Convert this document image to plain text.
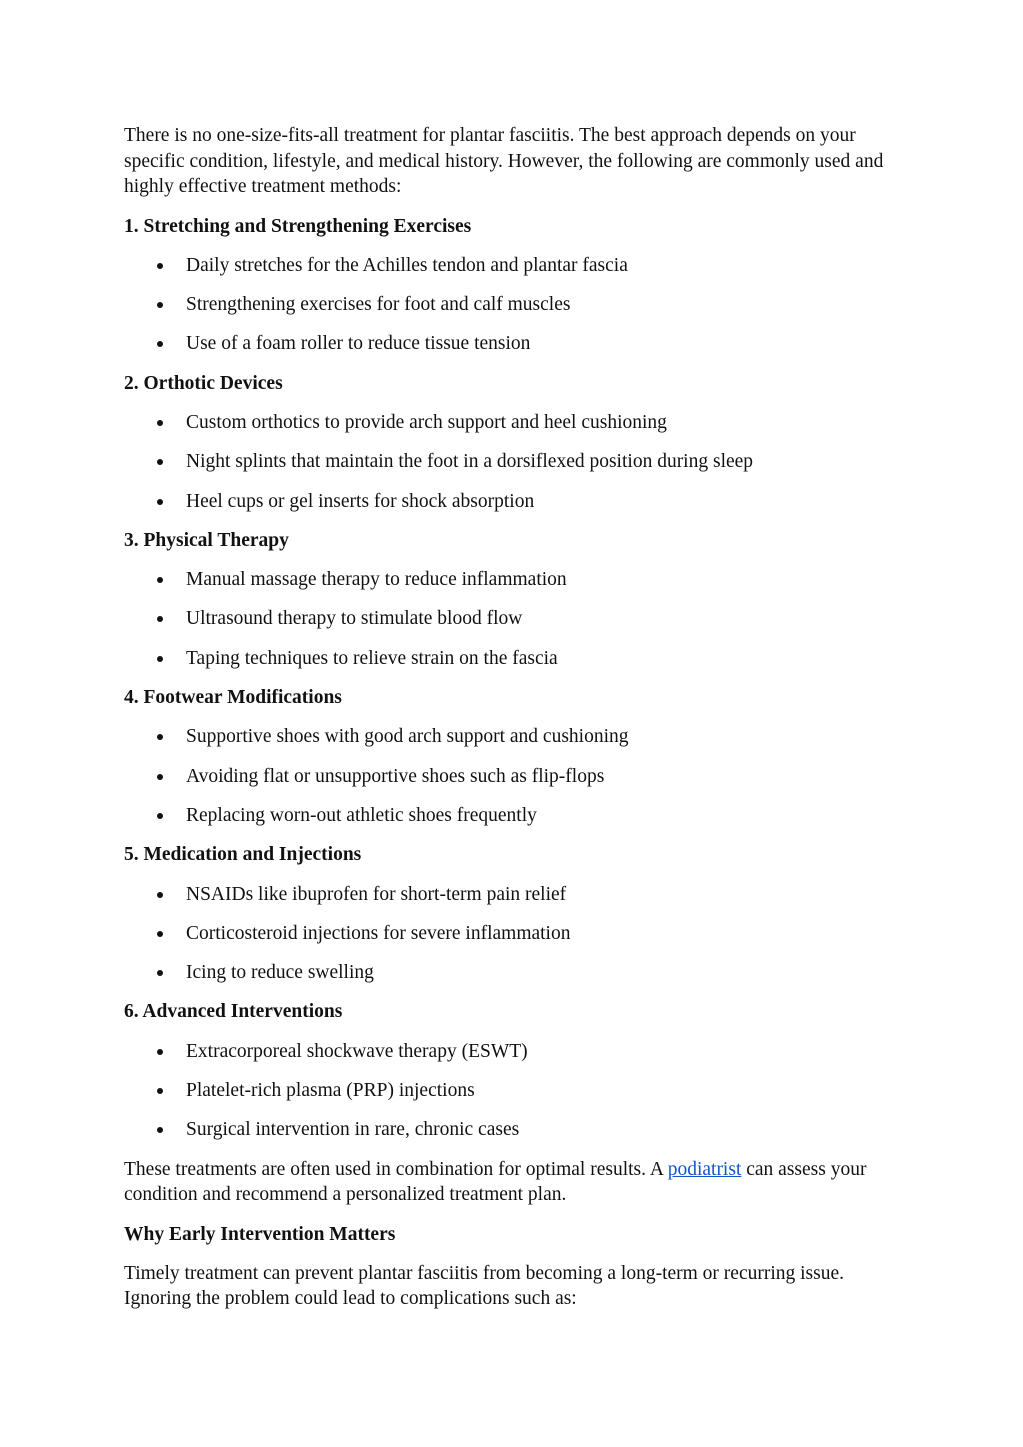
There is no one-size-fits-all treatment for plantar fasciitis. The best approach depends on your specific condition, lifestyle, and medical history. However, the following are commonly used and highly effective treatment methods:

1. Stretching and Strengthening Exercises

Daily stretches for the Achilles tendon and plantar fascia
Strengthening exercises for foot and calf muscles
Use of a foam roller to reduce tissue tension

2. Orthotic Devices

Custom orthotics to provide arch support and heel cushioning
Night splints that maintain the foot in a dorsiflexed position during sleep
Heel cups or gel inserts for shock absorption

3. Physical Therapy

Manual massage therapy to reduce inflammation
Ultrasound therapy to stimulate blood flow
Taping techniques to relieve strain on the fascia

4. Footwear Modifications

Supportive shoes with good arch support and cushioning
Avoiding flat or unsupportive shoes such as flip-flops
Replacing worn-out athletic shoes frequently

5. Medication and Injections

NSAIDs like ibuprofen for short-term pain relief
Corticosteroid injections for severe inflammation
Icing to reduce swelling

6. Advanced Interventions

Extracorporeal shockwave therapy (ESWT)
Platelet-rich plasma (PRP) injections
Surgical intervention in rare, chronic cases

These treatments are often used in combination for optimal results. A podiatrist can assess your condition and recommend a personalized treatment plan.

Why Early Intervention Matters

Timely treatment can prevent plantar fasciitis from becoming a long-term or recurring issue. Ignoring the problem could lead to complications such as:
